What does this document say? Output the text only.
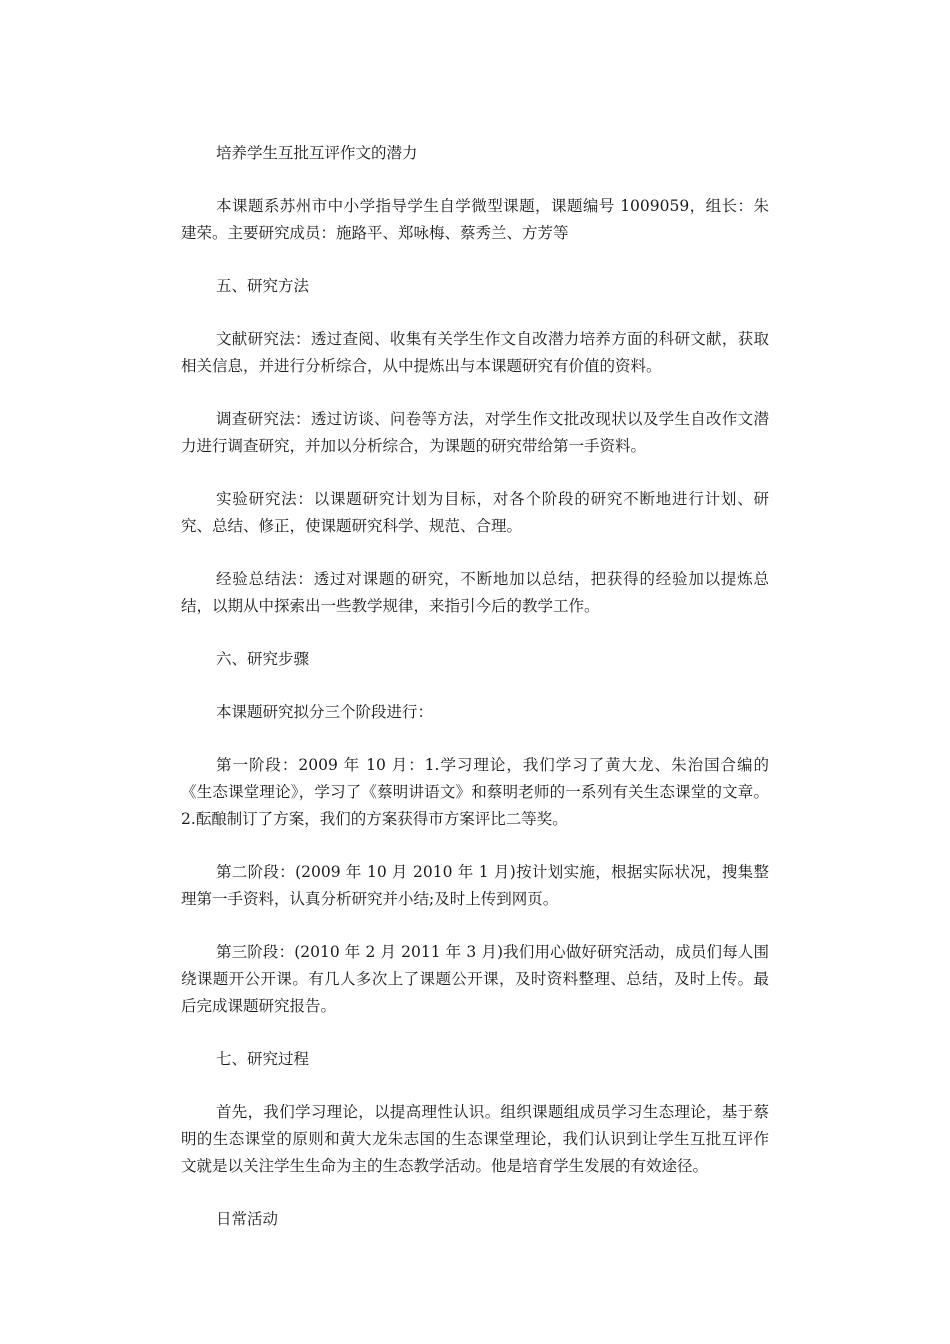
培养学生互批互评作文的潜力

本课题系苏州市中小学指导学生自学微型课题，课题编号 1009059，组长：朱建荣。主要研究成员：施路平、郑咏梅、蔡秀兰、方芳等

五、研究方法

文献研究法：透过查阅、收集有关学生作文自改潜力培养方面的科研文献，获取相关信息，并进行分析综合，从中提炼出与本课题研究有价值的资料。

调查研究法：透过访谈、问卷等方法，对学生作文批改现状以及学生自改作文潜力进行调查研究，并加以分析综合，为课题的研究带给第一手资料。

实验研究法：以课题研究计划为目标，对各个阶段的研究不断地进行计划、研究、总结、修正，使课题研究科学、规范、合理。

经验总结法：透过对课题的研究，不断地加以总结，把获得的经验加以提炼总结，以期从中探索出一些教学规律，来指引今后的教学工作。

六、研究步骤

本课题研究拟分三个阶段进行：

第一阶段：2009 年 10 月：1.学习理论，我们学习了黄大龙、朱治国合编的《生态课堂理论》，学习了《蔡明讲语文》和蔡明老师的一系列有关生态课堂的文章。2.酝酿制订了方案，我们的方案获得市方案评比二等奖。

第二阶段：(2009 年 10 月 2010 年 1 月)按计划实施，根据实际状况，搜集整理第一手资料，认真分析研究并小结;及时上传到网页。

第三阶段：(2010 年 2 月 2011 年 3 月)我们用心做好研究活动，成员们每人围绕课题开公开课。有几人多次上了课题公开课，及时资料整理、总结，及时上传。最后完成课题研究报告。

七、研究过程

首先，我们学习理论，以提高理性认识。组织课题组成员学习生态理论，基于蔡明的生态课堂的原则和黄大龙朱志国的生态课堂理论，我们认识到让学生互批互评作文就是以关注学生生命为主的生态教学活动。他是培育学生发展的有效途径。

日常活动
